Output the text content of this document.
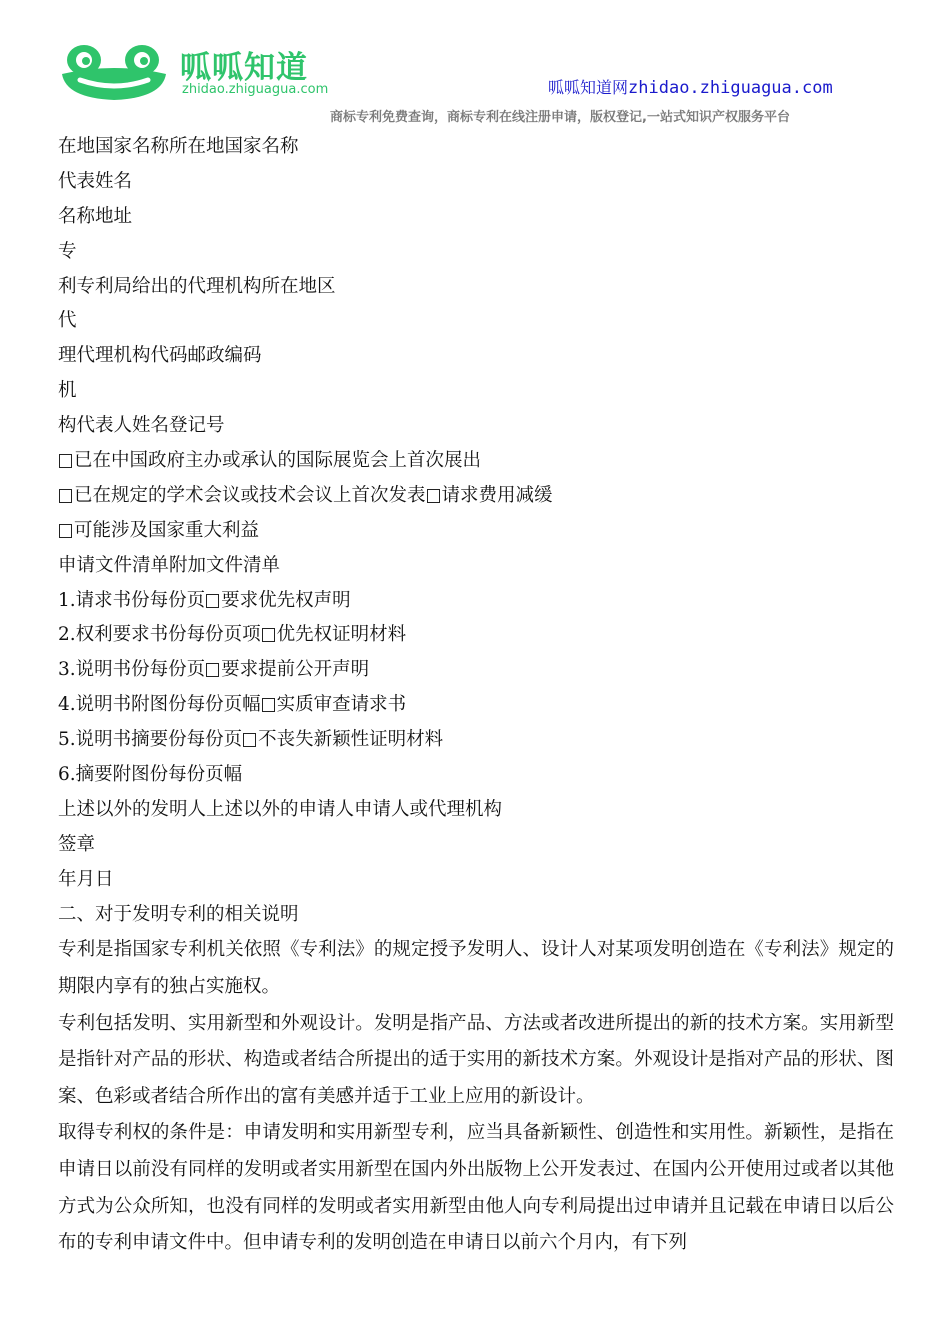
呱呱知道
zhidao.zhiguagua.com	呱呱知道网zhidao.zhiguagua.com
商标专利免费查询，商标专利在线注册申请，版权登记,一站式知识产权服务平台
在地国家名称所在地国家名称
代表姓名
名称地址
专
利专利局给出的代理机构所在地区
代
理代理机构代码邮政编码
机
构代表人姓名登记号
已在中国政府主办或承认的国际展览会上首次展出
已在规定的学术会议或技术会议上首次发表 请求费用减缓
可能涉及国家重大利益
申请文件清单附加文件清单
1.请求书份每份页 要求优先权声明
2.权利要求书份每份页项 优先权证明材料
3.说明书份每份页 要求提前公开声明
4.说明书附图份每份页幅 实质审查请求书
5.说明书摘要份每份页 不丧失新颖性证明材料
6.摘要附图份每份页幅
上述以外的发明人上述以外的申请人申请人或代理机构
签章
年月日
二、对于发明专利的相关说明

专利是指国家专利机关依照《专利法》的规定授予发明人、设计人对某项发明创造在《专利法》规定的期限内享有的独占实施权。

专利包括发明、实用新型和外观设计。发明是指产品、方法或者改进所提出的新的技术方案。实用新型是指针对产品的形状、构造或者结合所提出的适于实用的新技术方案。外观设计是指对产品的形状、图案、色彩或者结合所作出的富有美感并适于工业上应用的新设计。

取得专利权的条件是：申请发明和实用新型专利，应当具备新颖性、创造性和实用性。新颖性，是指在申请日以前没有同样的发明或者实用新型在国内外出版物上公开发表过、在国内公开使用过或者以其他方式为公众所知，也没有同样的发明或者实用新型由他人向专利局提出过申请并且记载在申请日以后公布的专利申请文件中。但申请专利的发明创造在申请日以前六个月内，有下列
